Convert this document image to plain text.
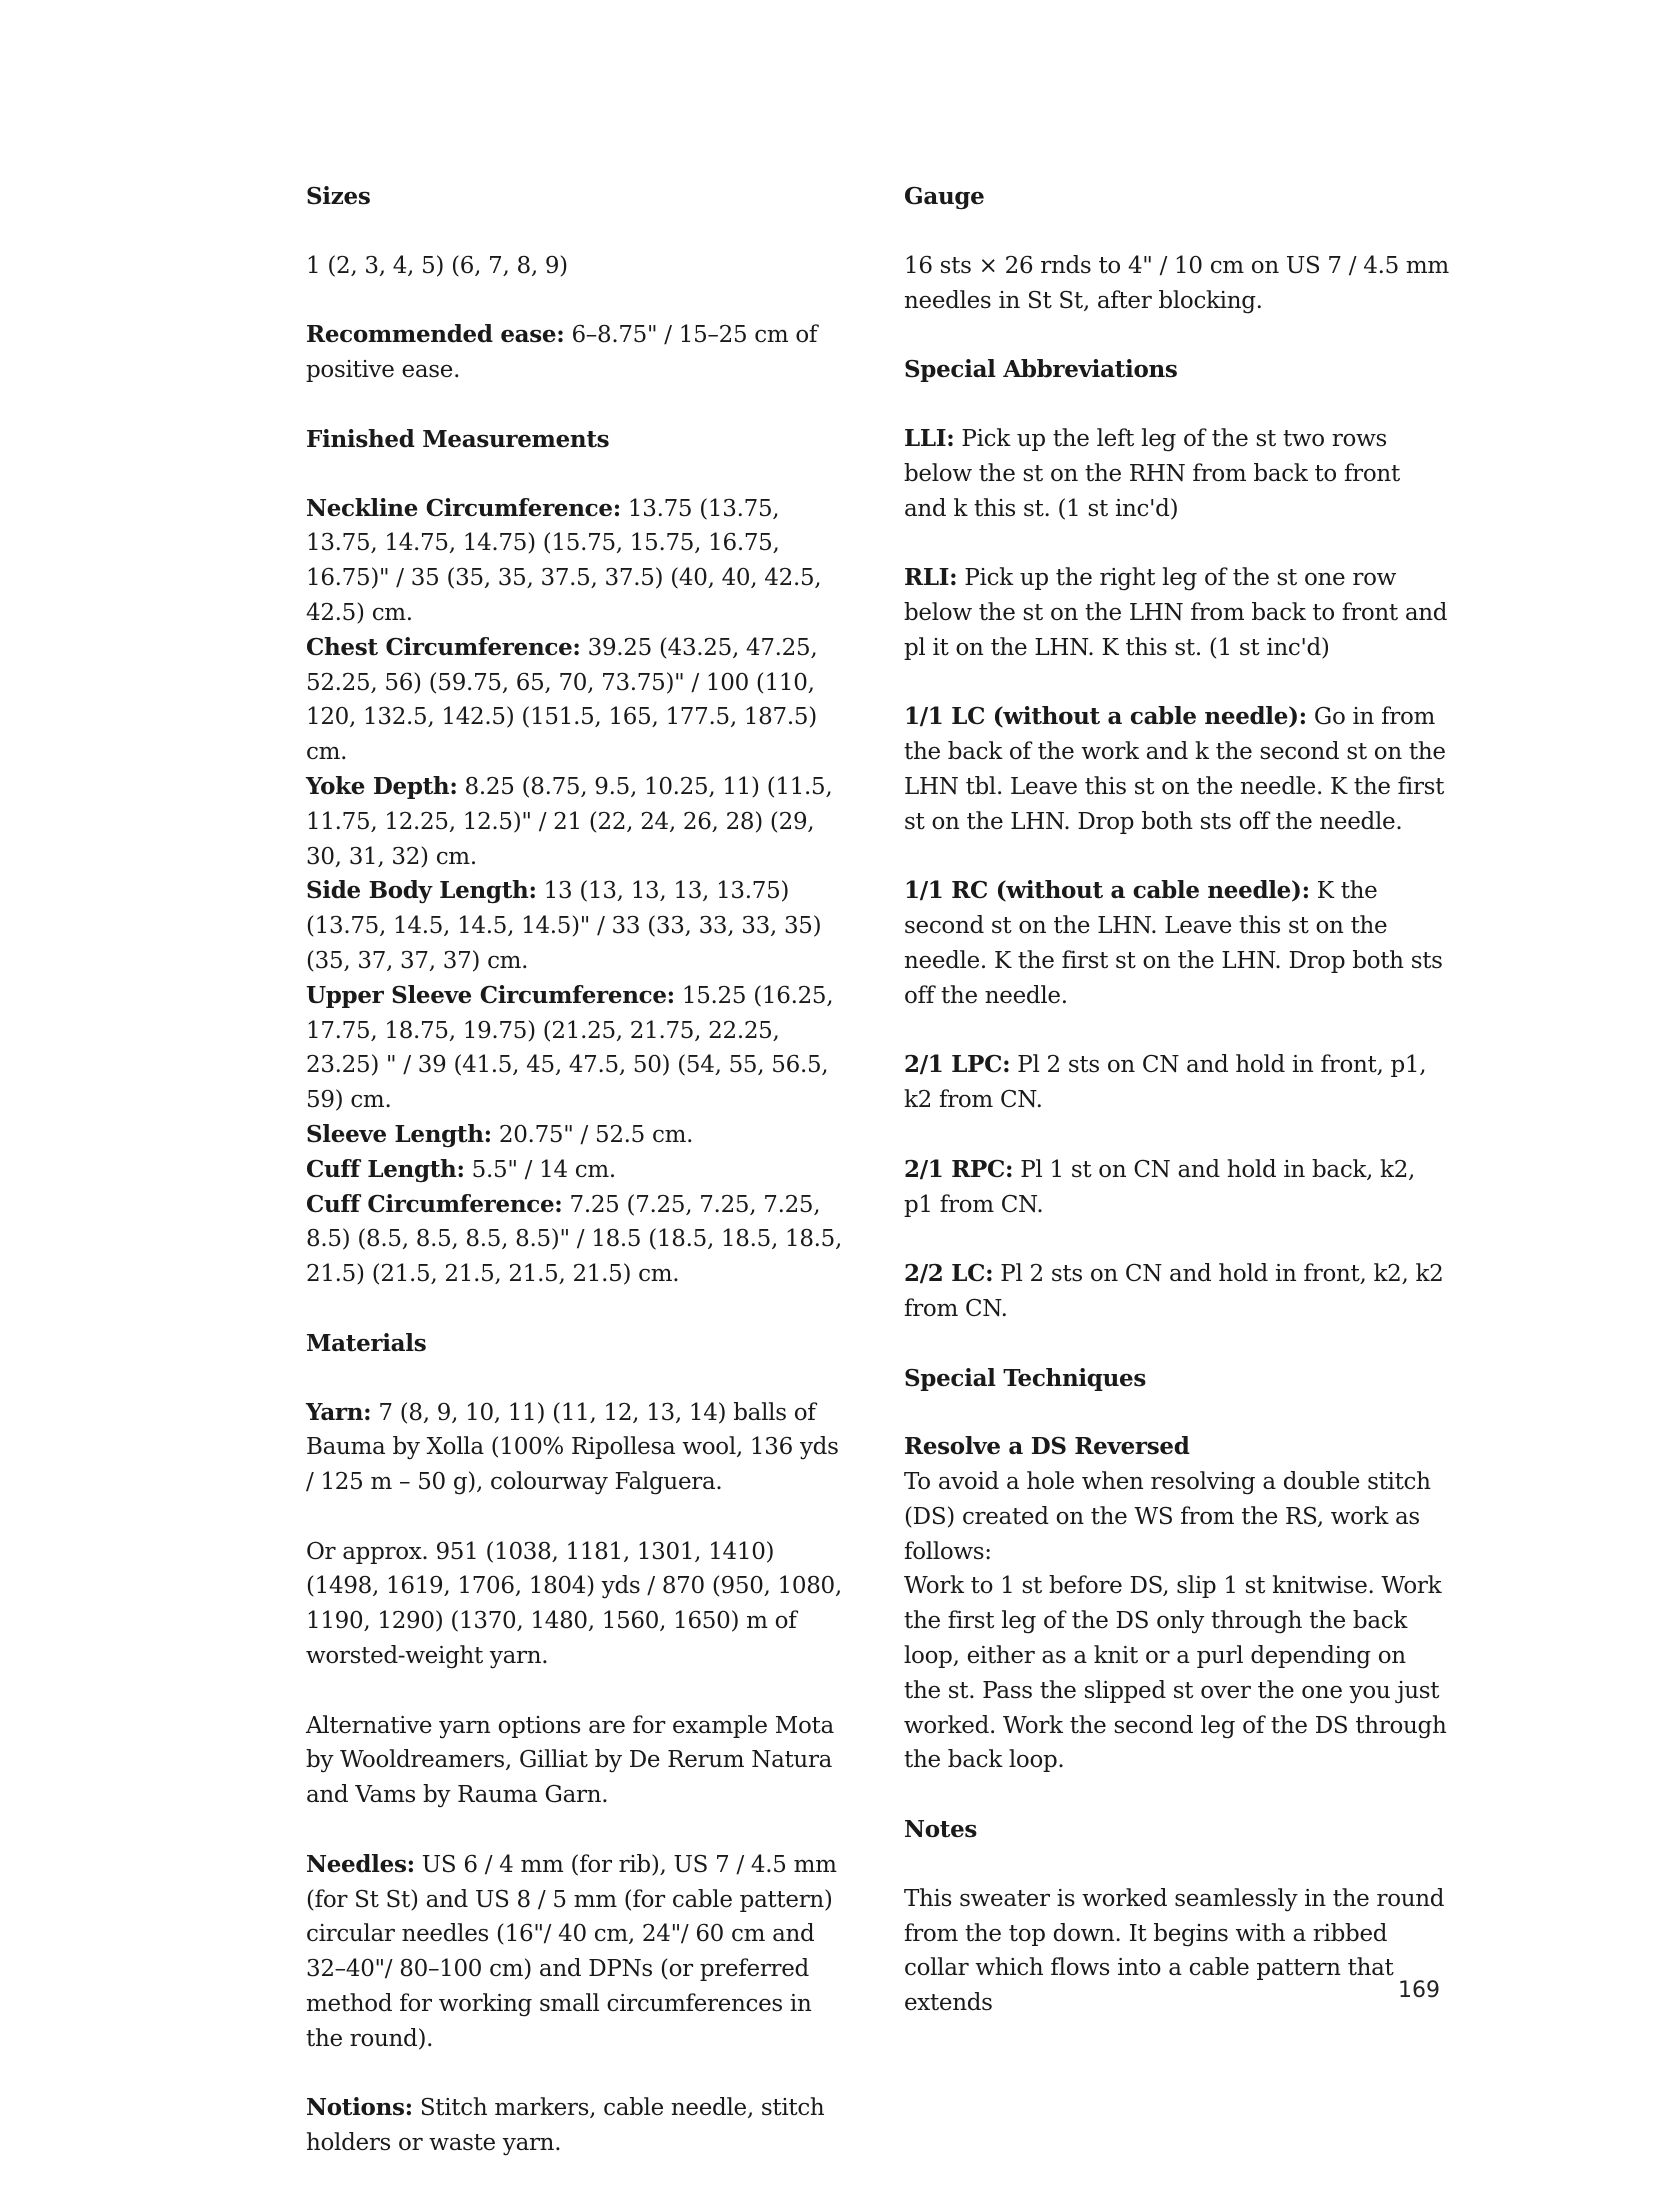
Sizes

1 (2, 3, 4, 5) (6, 7, 8, 9)

Recommended ease: 6–8.75" / 15–25 cm of positive ease.

Finished Measurements

Neckline Circumference: 13.75 (13.75, 13.75, 14.75, 14.75) (15.75, 15.75, 16.75, 16.75)" / 35 (35, 35, 37.5, 37.5) (40, 40, 42.5, 42.5) cm.

Chest Circumference: 39.25 (43.25, 47.25, 52.25, 56) (59.75, 65, 70, 73.75)" / 100 (110, 120, 132.5, 142.5) (151.5, 165, 177.5, 187.5) cm.

Yoke Depth: 8.25 (8.75, 9.5, 10.25, 11) (11.5, 11.75, 12.25, 12.5)" / 21 (22, 24, 26, 28) (29, 30, 31, 32) cm.

Side Body Length: 13 (13, 13, 13, 13.75) (13.75, 14.5, 14.5, 14.5)" / 33 (33, 33, 33, 35) (35, 37, 37, 37) cm.

Upper Sleeve Circumference: 15.25 (16.25, 17.75, 18.75, 19.75) (21.25, 21.75, 22.25, 23.25) " / 39 (41.5, 45, 47.5, 50) (54, 55, 56.5, 59) cm.

Sleeve Length: 20.75" / 52.5 cm.

Cuff Length: 5.5" / 14 cm.

Cuff Circumference: 7.25 (7.25, 7.25, 7.25, 8.5) (8.5, 8.5, 8.5, 8.5)" / 18.5 (18.5, 18.5, 18.5, 21.5) (21.5, 21.5, 21.5, 21.5) cm.

Materials

Yarn: 7 (8, 9, 10, 11) (11, 12, 13, 14) balls of Bauma by Xolla (100% Ripollesa wool, 136 yds / 125 m – 50 g), colourway Falguera.

Or approx. 951 (1038, 1181, 1301, 1410) (1498, 1619, 1706, 1804) yds / 870 (950, 1080, 1190, 1290) (1370, 1480, 1560, 1650) m of worsted-weight yarn.

Alternative yarn options are for example Mota by Wooldreamers, Gilliat by De Rerum Natura and Vams by Rauma Garn.

Needles: US 6 / 4 mm (for rib), US 7 / 4.5 mm (for St St) and US 8 / 5 mm (for cable pattern) circular needles (16"/ 40 cm, 24"/ 60 cm and 32–40"/ 80–100 cm) and DPNs (or preferred method for working small circumferences in the round).

Notions: Stitch markers, cable needle, stitch holders or waste yarn.

Gauge

16 sts × 26 rnds to 4" / 10 cm on US 7 / 4.5 mm needles in St St, after blocking.

Special Abbreviations

LLI: Pick up the left leg of the st two rows below the st on the RHN from back to front and k this st. (1 st inc'd)

RLI: Pick up the right leg of the st one row below the st on the LHN from back to front and pl it on the LHN. K this st. (1 st inc'd)

1/1 LC (without a cable needle): Go in from the back of the work and k the second st on the LHN tbl. Leave this st on the needle. K the first st on the LHN. Drop both sts off the needle.

1/1 RC (without a cable needle): K the second st on the LHN. Leave this st on the needle. K the first st on the LHN. Drop both sts off the needle.

2/1 LPC: Pl 2 sts on CN and hold in front, p1, k2 from CN.

2/1 RPC: Pl 1 st on CN and hold in back, k2, p1 from CN.

2/2 LC: Pl 2 sts on CN and hold in front, k2, k2 from CN.

Special Techniques
Resolve a DS Reversed

To avoid a hole when resolving a double stitch (DS) created on the WS from the RS, work as follows:

Work to 1 st before DS, slip 1 st knitwise. Work the first leg of the DS only through the back loop, either as a knit or a purl depending on the st. Pass the slipped st over the one you just worked. Work the second leg of the DS through the back loop.

Notes

This sweater is worked seamlessly in the round from the top down. It begins with a ribbed collar which flows into a cable pattern that extends	169
